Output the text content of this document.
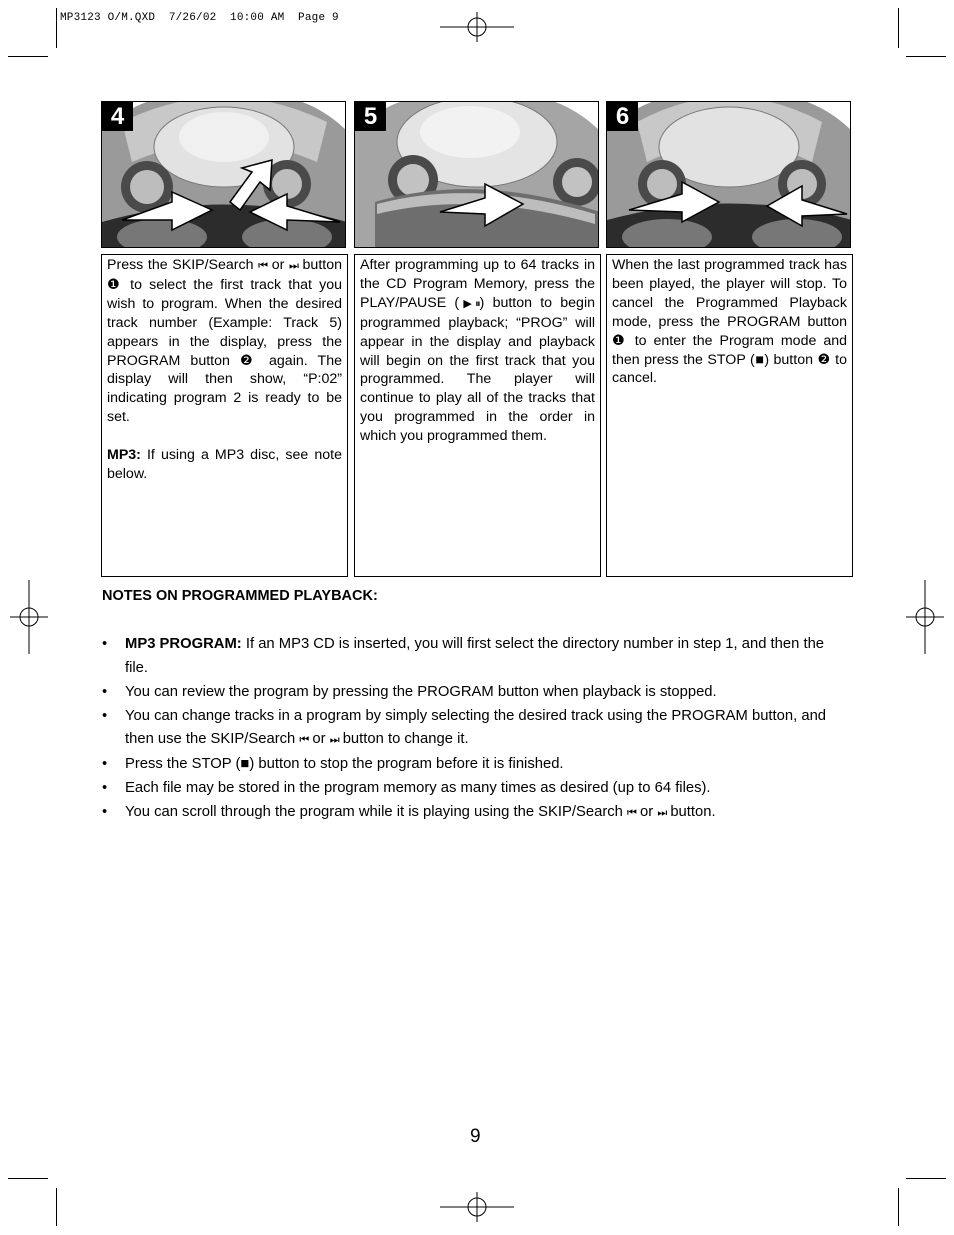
MP3123 O/M.QXD  7/26/02  10:00 AM  Page 9
4	5	6

Press the SKIP/Search ⏮ or ⏭ button ❶ to select the first track that you wish to program. When the desired track number (Example: Track 5) appears in the display, press the PROGRAM button ❷ again. The display will then show, “P:02” indicating program 2 is ready to be set.

MP3: If using a MP3 disc, see note below.

After programming up to 64 tracks in the CD Program Memory, press the PLAY/PAUSE (▶⏸) button to begin programmed playback; “PROG” will appear in the display and playback will begin on the first track that you programmed. The player will continue to play all of the tracks that you programmed in the order in which you programmed them.

When the last programmed track has been played, the player will stop. To cancel the Programmed Playback mode, press the PROGRAM button ❶ to enter the Program mode and then press the STOP (■) button ❷ to cancel.

NOTES ON PROGRAMMED PLAYBACK:
• MP3 PROGRAM: If an MP3 CD is inserted, you will first select the directory number in step 1, and then the file.
• You can review the program by pressing the PROGRAM button when playback is stopped.
• You can change tracks in a program by simply selecting the desired track using the PROGRAM button, and then use the SKIP/Search ⏮ or ⏭ button to change it.
• Press the STOP (■) button to stop the program before it is finished.
• Each file may be stored in the program memory as many times as desired (up to 64 files).
• You can scroll through the program while it is playing using the SKIP/Search ⏮ or ⏭ button.
9
